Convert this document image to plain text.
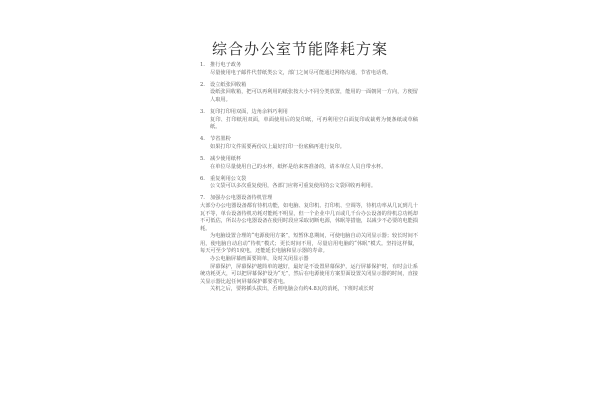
综合办公室节能降耗方案
1. 推行电子政务

尽量使用电子邮件代替纸类公文，部门之间尽可能通过网络沟通，节省电话费。

2. 设立纸张回收箱

设纸张回收箱，把可以再利用的纸张按大小不同分类放置，能用的一面朝同一方向，方便留人取用。

3. 复印打印用双面，边角余料巧利用

复印、打印纸用双面，单面使用后的复印纸，可再利用空白面复印或裁剪为便条纸或草稿纸。

4. 节省墨粉

如果打印文件需要两份以上最好打印一份底稿再进行复印。

5. 减少使用纸杯

在单位尽量使用自己的水杯，纸杯是给来客准备的，请本单位人员自带水杯。

6. 重复利用公文袋

公文袋可以多次重复使用，各部门应将可重复使用的公文袋回收再利用。

7. 加强办公电器设备待机管理

大部分办公电器设备都有待机功能，如电脑、复印机、打印机、空调等，待机功率从几瓦到几十瓦不等，单台设备待机功耗对能耗不明显，但一个企业中几百或几千台办公设备的待机总功耗却不可低估，所以办公电器设备在使用时段应采取切断电源，休眠等措施，以减少不必要的电能损耗。

为电脑设置合理的“电源使用方案”，短暂休息期间，可使电脑自动关闭显示器；较长时间不用，使电脑自动启动“待机”模式；更长时间不用，尽量启用电脑的“休眠”模式。坚持这样做，每天可至少节约1度电，还能延长电脑和显示器的寿命。

办公电脑屏幕画面要简单，及时关闭显示器

屏幕保护，屏幕保护越简单的越好，最好是不设置屏幕保护，运行屏幕保护时，有时会让系统功耗更大，可以把屏幕保护设为“无”，然后在电源使用方案里面设置关闭显示器的时间，直接关显示器比起任何屏幕保护都要省电。

关机之后，要将插头拔出，否则电脑会有约4.8瓦的消耗，下班时或长时
